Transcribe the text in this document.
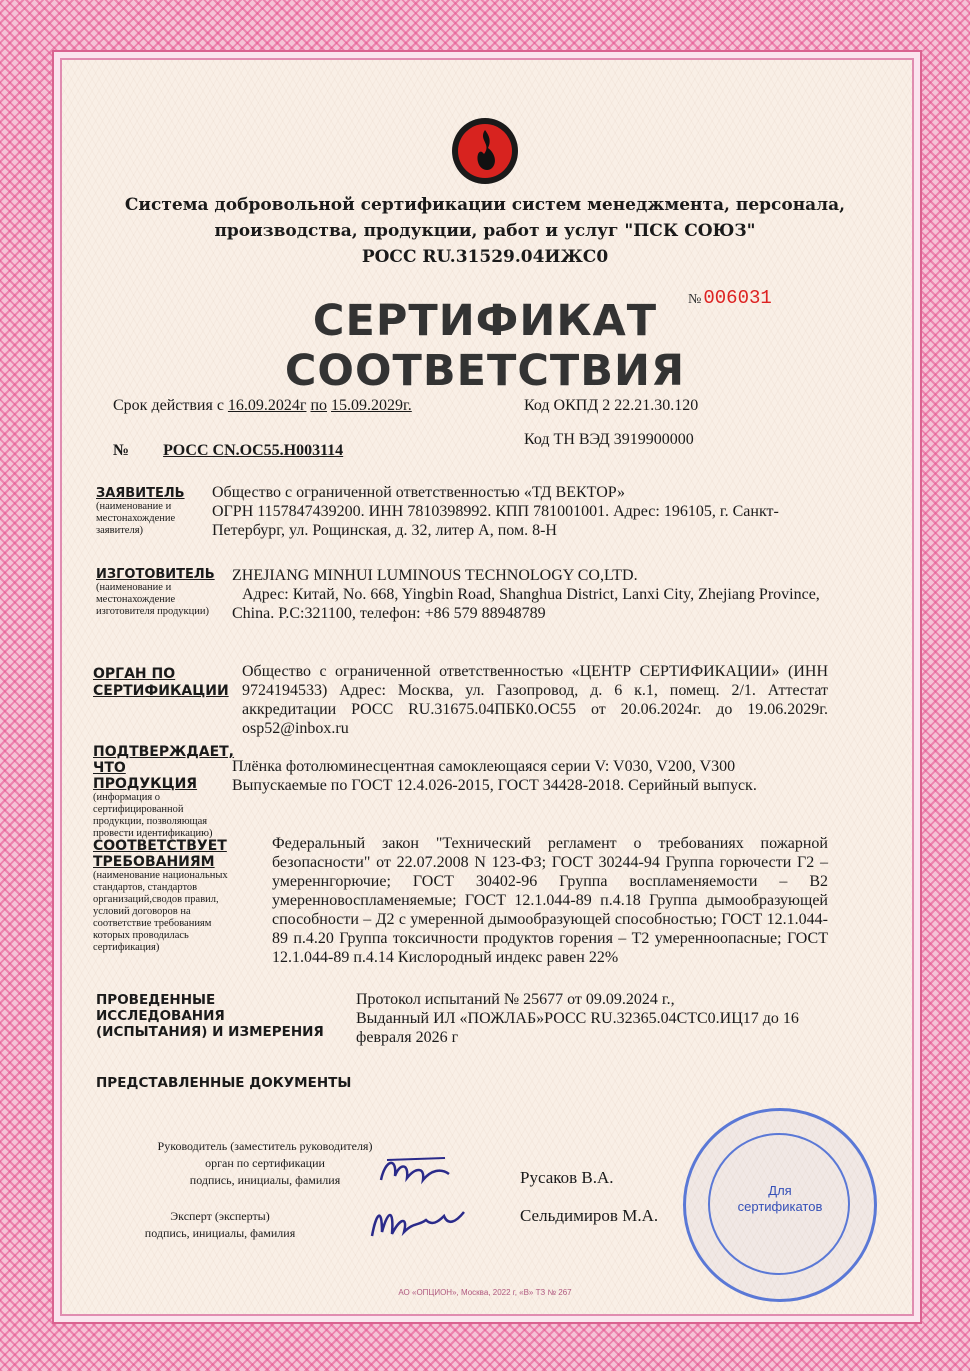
Система добровольной сертификации систем менеджмента, персонала,
производства, продукции, работ и услуг "ПСК СОЮЗ"
РОСС RU.31529.04ИЖС0
№ 006031
СЕРТИФИКАТ СООТВЕТСТВИЯ
Срок действия с 16.09.2024г по 15.09.2029г.	Код ОКПД 2 22.21.30.120
Код ТН ВЭД 3919900000
№ РОСС CN.OC55.H003114
ЗАЯВИТЕЛЬ
(наименование и местонахождение заявителя)
Общество с ограниченной ответственностью «ТД ВЕКТОР»
ОГРН 1157847439200. ИНН 7810398992. КПП 781001001. Адрес: 196105, г. Санкт-
Петербург, ул. Рощинская, д. 32, литер А, пом. 8-Н
ИЗГОТОВИТЕЛЬ
(наименование и местонахождение изготовителя продукции)
ZHEJIANG MINHUI LUMINOUS TECHNOLOGY CO,LTD.
Адрес: Китай, No. 668, Yingbin Road, Shanghua District, Lanxi City, Zhejiang Province,
China. P.C:321100, телефон: +86 579 88948789
ОРГАН ПО
СЕРТИФИКАЦИИ
Общество с ограниченной ответственностью «ЦЕНТР СЕРТИФИКАЦИИ» (ИНН 9724194533) Адрес: Москва, ул. Газопровод, д. 6 к.1, помещ. 2/1. Аттестат аккредитации РОСС RU.31675.04ПБК0.ОС55 от 20.06.2024г. до 19.06.2029г. osp52@inbox.ru
ПОДТВЕРЖДАЕТ,
ЧТО ПРОДУКЦИЯ
(информация о сертифицированной продукции, позволяющая провести идентификацию)
Плёнка фотолюминесцентная самоклеющаяся серии V: V030, V200, V300
Выпускаемые по ГОСТ 12.4.026-2015, ГОСТ 34428-2018. Серийный выпуск.
СООТВЕТСТВУЕТ
ТРЕБОВАНИЯМ
(наименование национальных стандартов, стандартов организаций,сводов правил, условий договоров на соответствие требованиям которых проводилась сертификация)
Федеральный закон "Технический регламент о требованиях пожарной безопасности" от 22.07.2008 N 123-ФЗ; ГОСТ 30244-94 Группа горючести Г2 – умереннгорючие; ГОСТ 30402-96 Группа воспламеняемости – В2 умеренновоспламеняемые; ГОСТ 12.1.044-89 п.4.18 Группа дымообразующей способности – Д2 с умеренной дымообразующей способностью; ГОСТ 12.1.044-89 п.4.20 Группа токсичности продуктов горения – Т2 умеренноопасные; ГОСТ 12.1.044-89 п.4.14 Кислородный индекс равен 22%
ПРОВЕДЕННЫЕ ИССЛЕДОВАНИЯ
(ИСПЫТАНИЯ) И ИЗМЕРЕНИЯ
Протокол испытаний № 25677 от 09.09.2024 г.,
Выданный ИЛ «ПОЖЛАБ»РОСС RU.32365.04СТС0.ИЦ17 до 16
февраля 2026 г
ПРЕДСТАВЛЕННЫЕ ДОКУМЕНТЫ
Руководитель (заместитель руководителя)
орган по сертификации
подпись, инициалы, фамилия	Русаков В.А.
Эксперт (эксперты)
подпись, инициалы, фамилия
Сельдимиров М.А.
Для
сертификатов
АО «ОПЦИОН», Москва, 2022 г, «В» ТЗ № 267
